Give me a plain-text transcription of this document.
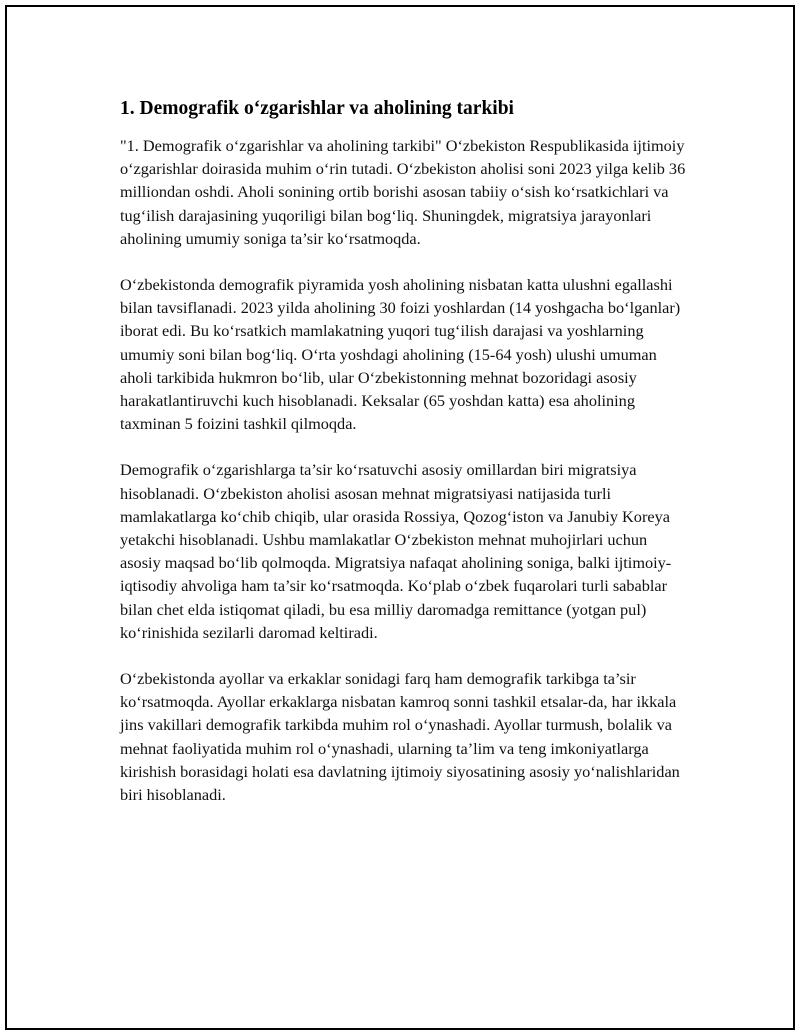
1. Demografik o‘zgarishlar va aholining tarkibi

"1. Demografik o‘zgarishlar va aholining tarkibi" O‘zbekiston Respublikasida ijtimoiy o‘zgarishlar doirasida muhim o‘rin tutadi. O‘zbekiston aholisi soni 2023 yilga kelib 36 milliondan oshdi. Aholi sonining ortib borishi asosan tabiiy o‘sish ko‘rsatkichlari va tug‘ilish darajasining yuqoriligi bilan bog‘liq. Shuningdek, migratsiya jarayonlari aholining umumiy soniga ta’sir ko‘rsatmoqda.

O‘zbekistonda demografik piyramida yosh aholining nisbatan katta ulushni egallashi bilan tavsiflanadi. 2023 yilda aholining 30 foizi yoshlardan (14 yoshgacha bo‘lganlar) iborat edi. Bu ko‘rsatkich mamlakatning yuqori tug‘ilish darajasi va yoshlarning umumiy soni bilan bog‘liq. O‘rta yoshdagi aholining (15-64 yosh) ulushi umuman aholi tarkibida hukmron bo‘lib, ular O‘zbekistonning mehnat bozoridagi asosiy harakatlantiruvchi kuch hisoblanadi. Keksalar (65 yoshdan katta) esa aholining taxminan 5 foizini tashkil qilmoqda.

Demografik o‘zgarishlarga ta’sir ko‘rsatuvchi asosiy omillardan biri migratsiya hisoblanadi. O‘zbekiston aholisi asosan mehnat migratsiyasi natijasida turli mamlakatlarga ko‘chib chiqib, ular orasida Rossiya, Qozog‘iston va Janubiy Koreya yetakchi hisoblanadi. Ushbu mamlakatlar O‘zbekiston mehnat muhojirlari uchun asosiy maqsad bo‘lib qolmoqda. Migratsiya nafaqat aholining soniga, balki ijtimoiy-iqtisodiy ahvoliga ham ta’sir ko‘rsatmoqda. Ko‘plab o‘zbek fuqarolari turli sabablar bilan chet elda istiqomat qiladi, bu esa milliy daromadga remittance (yotgan pul) ko‘rinishida sezilarli daromad keltiradi.

O‘zbekistonda ayollar va erkaklar sonidagi farq ham demografik tarkibga ta’sir ko‘rsatmoqda. Ayollar erkaklarga nisbatan kamroq sonni tashkil etsalar-da, har ikkala jins vakillari demografik tarkibda muhim rol o‘ynashadi. Ayollar turmush, bolalik va mehnat faoliyatida muhim rol o‘ynashadi, ularning ta’lim va teng imkoniyatlarga kirishish borasidagi holati esa davlatning ijtimoiy siyosatining asosiy yo‘nalishlaridan biri hisoblanadi.
